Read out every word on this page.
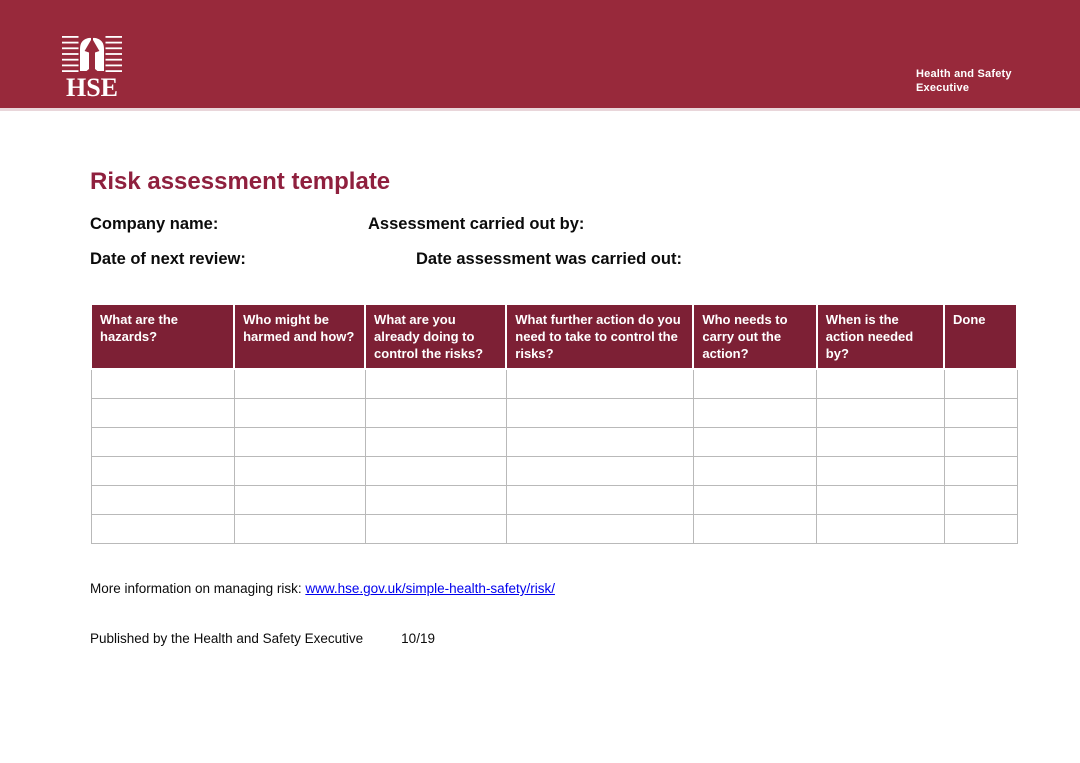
HSE	Health and Safety
Executive
Risk assessment template
Company name:	Assessment carried out by:
Date of next review:	Date assessment was carried out:
What are the hazards?	Who might be harmed and how?	What are you already doing to control the risks?	What further action do you need to take to control the risks?	Who needs to carry out the action?	When is the action needed by?	Done

More information on managing risk: www.hse.gov.uk/simple-health-safety/risk/

Published by the Health and Safety Executive	10/19
